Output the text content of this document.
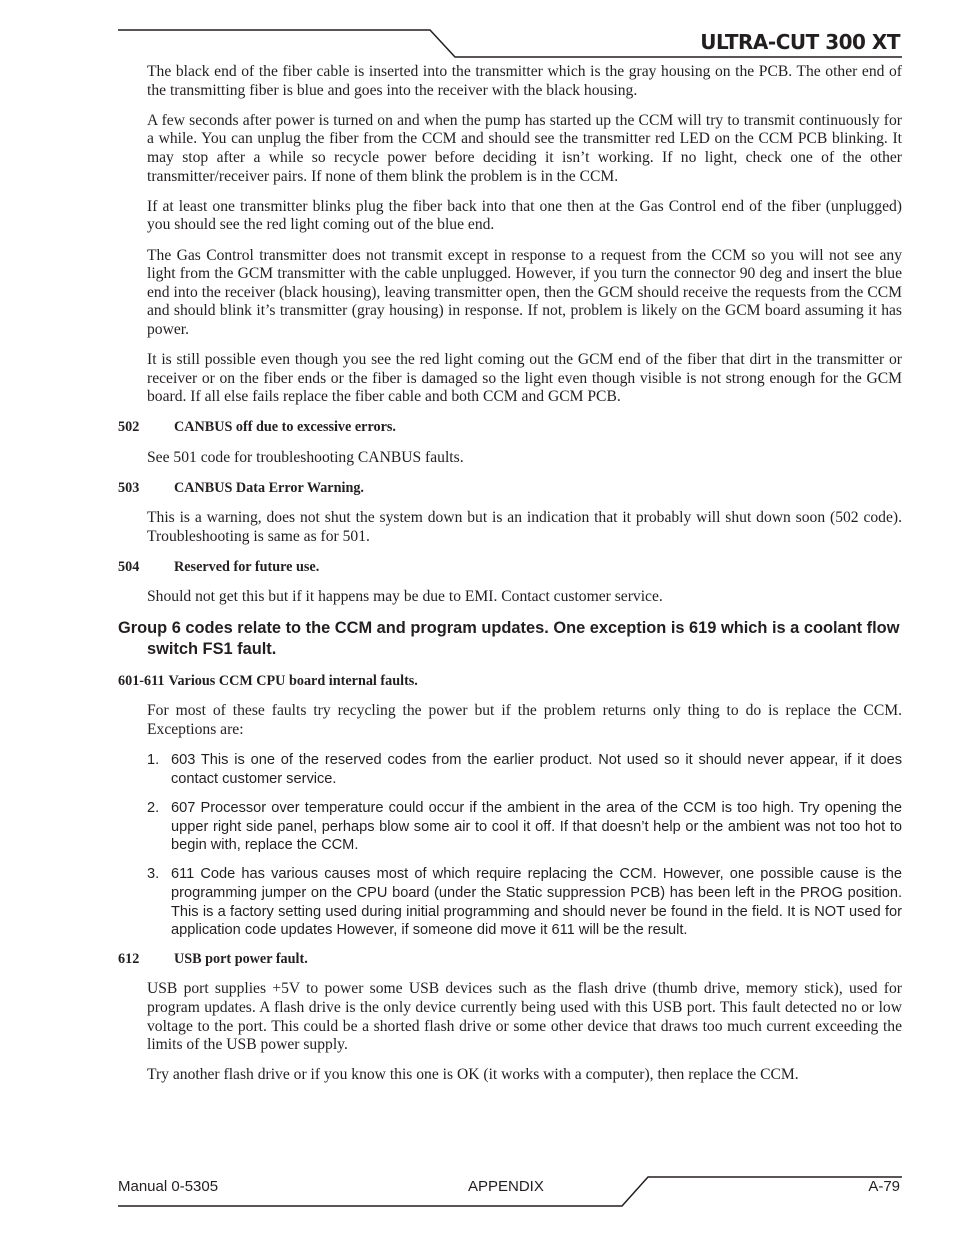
ULTRA-CUT 300 XT

The black end of the fiber cable is inserted into the transmitter which is the gray housing on the PCB. The other end of the transmitting fiber is blue and goes into the receiver with the black housing.

A few seconds after power is turned on and when the pump has started up the CCM will try to transmit continuously for a while. You can unplug the fiber from the CCM and should see the transmitter red LED on the CCM PCB blinking. It may stop after a while so recycle power before deciding it isn’t working. If no light, check one of the other transmitter/receiver pairs. If none of them blink the problem is in the CCM.

If at least one transmitter blinks plug the fiber back into that one then at the Gas Control end of the fiber (unplugged) you should see the red light coming out of the blue end.

The Gas Control transmitter does not transmit except in response to a request from the CCM so you will not see any light from the GCM transmitter with the cable unplugged. However, if you turn the connector 90 deg and insert the blue end into the receiver (black housing), leaving transmitter open, then the GCM should receive the requests from the CCM and should blink it’s transmitter (gray housing) in response. If not, problem is likely on the GCM board assuming it has power.

It is still possible even though you see the red light coming out the GCM end of the fiber that dirt in the transmitter or receiver or on the fiber ends or the fiber is damaged so the light even though visible is not strong enough for the GCM board. If all else fails replace the fiber cable and both CCM and GCM PCB.

502	CANBUS off due to excessive errors.

See 501 code for troubleshooting CANBUS faults.

503	CANBUS Data Error Warning.

This is a warning, does not shut the system down but is an indication that it probably will shut down soon (502 code). Troubleshooting is same as for 501.

504	Reserved for future use.

Should not get this but if it happens may be due to EMI. Contact customer service.

Group 6 codes relate to the CCM and program updates. One exception is 619 which is a coolant flow switch FS1 fault.
601-611 Various CCM CPU board internal faults.

For most of these faults try recycling the power but if the problem returns only thing to do is replace the CCM. Exceptions are:

1. 603 This is one of the reserved codes from the earlier product. Not used so it should never appear, if it does contact customer service.
2. 607 Processor over temperature could occur if the ambient in the area of the CCM is too high. Try opening the upper right side panel, perhaps blow some air to cool it off. If that doesn’t help or the ambient was not too hot to begin with, replace the CCM.
3. 611 Code has various causes most of which require replacing the CCM. However, one possible cause is the programming jumper on the CPU board (under the Static suppression PCB) has been left in the PROG position. This is a factory setting used during initial programming and should never be found in the field. It is NOT used for application code updates However, if someone did move it 611 will be the result.
612	USB port power fault.

USB port supplies +5V to power some USB devices such as the flash drive (thumb drive, memory stick), used for program updates. A flash drive is the only device currently being used with this USB port. This fault detected no or low voltage to the port. This could be a shorted flash drive or some other device that draws too much current exceeding the limits of the USB power supply.

Try another flash drive or if you know this one is OK (it works with a computer), then replace the CCM.

Manual 0-5305	APPENDIX	A-79
